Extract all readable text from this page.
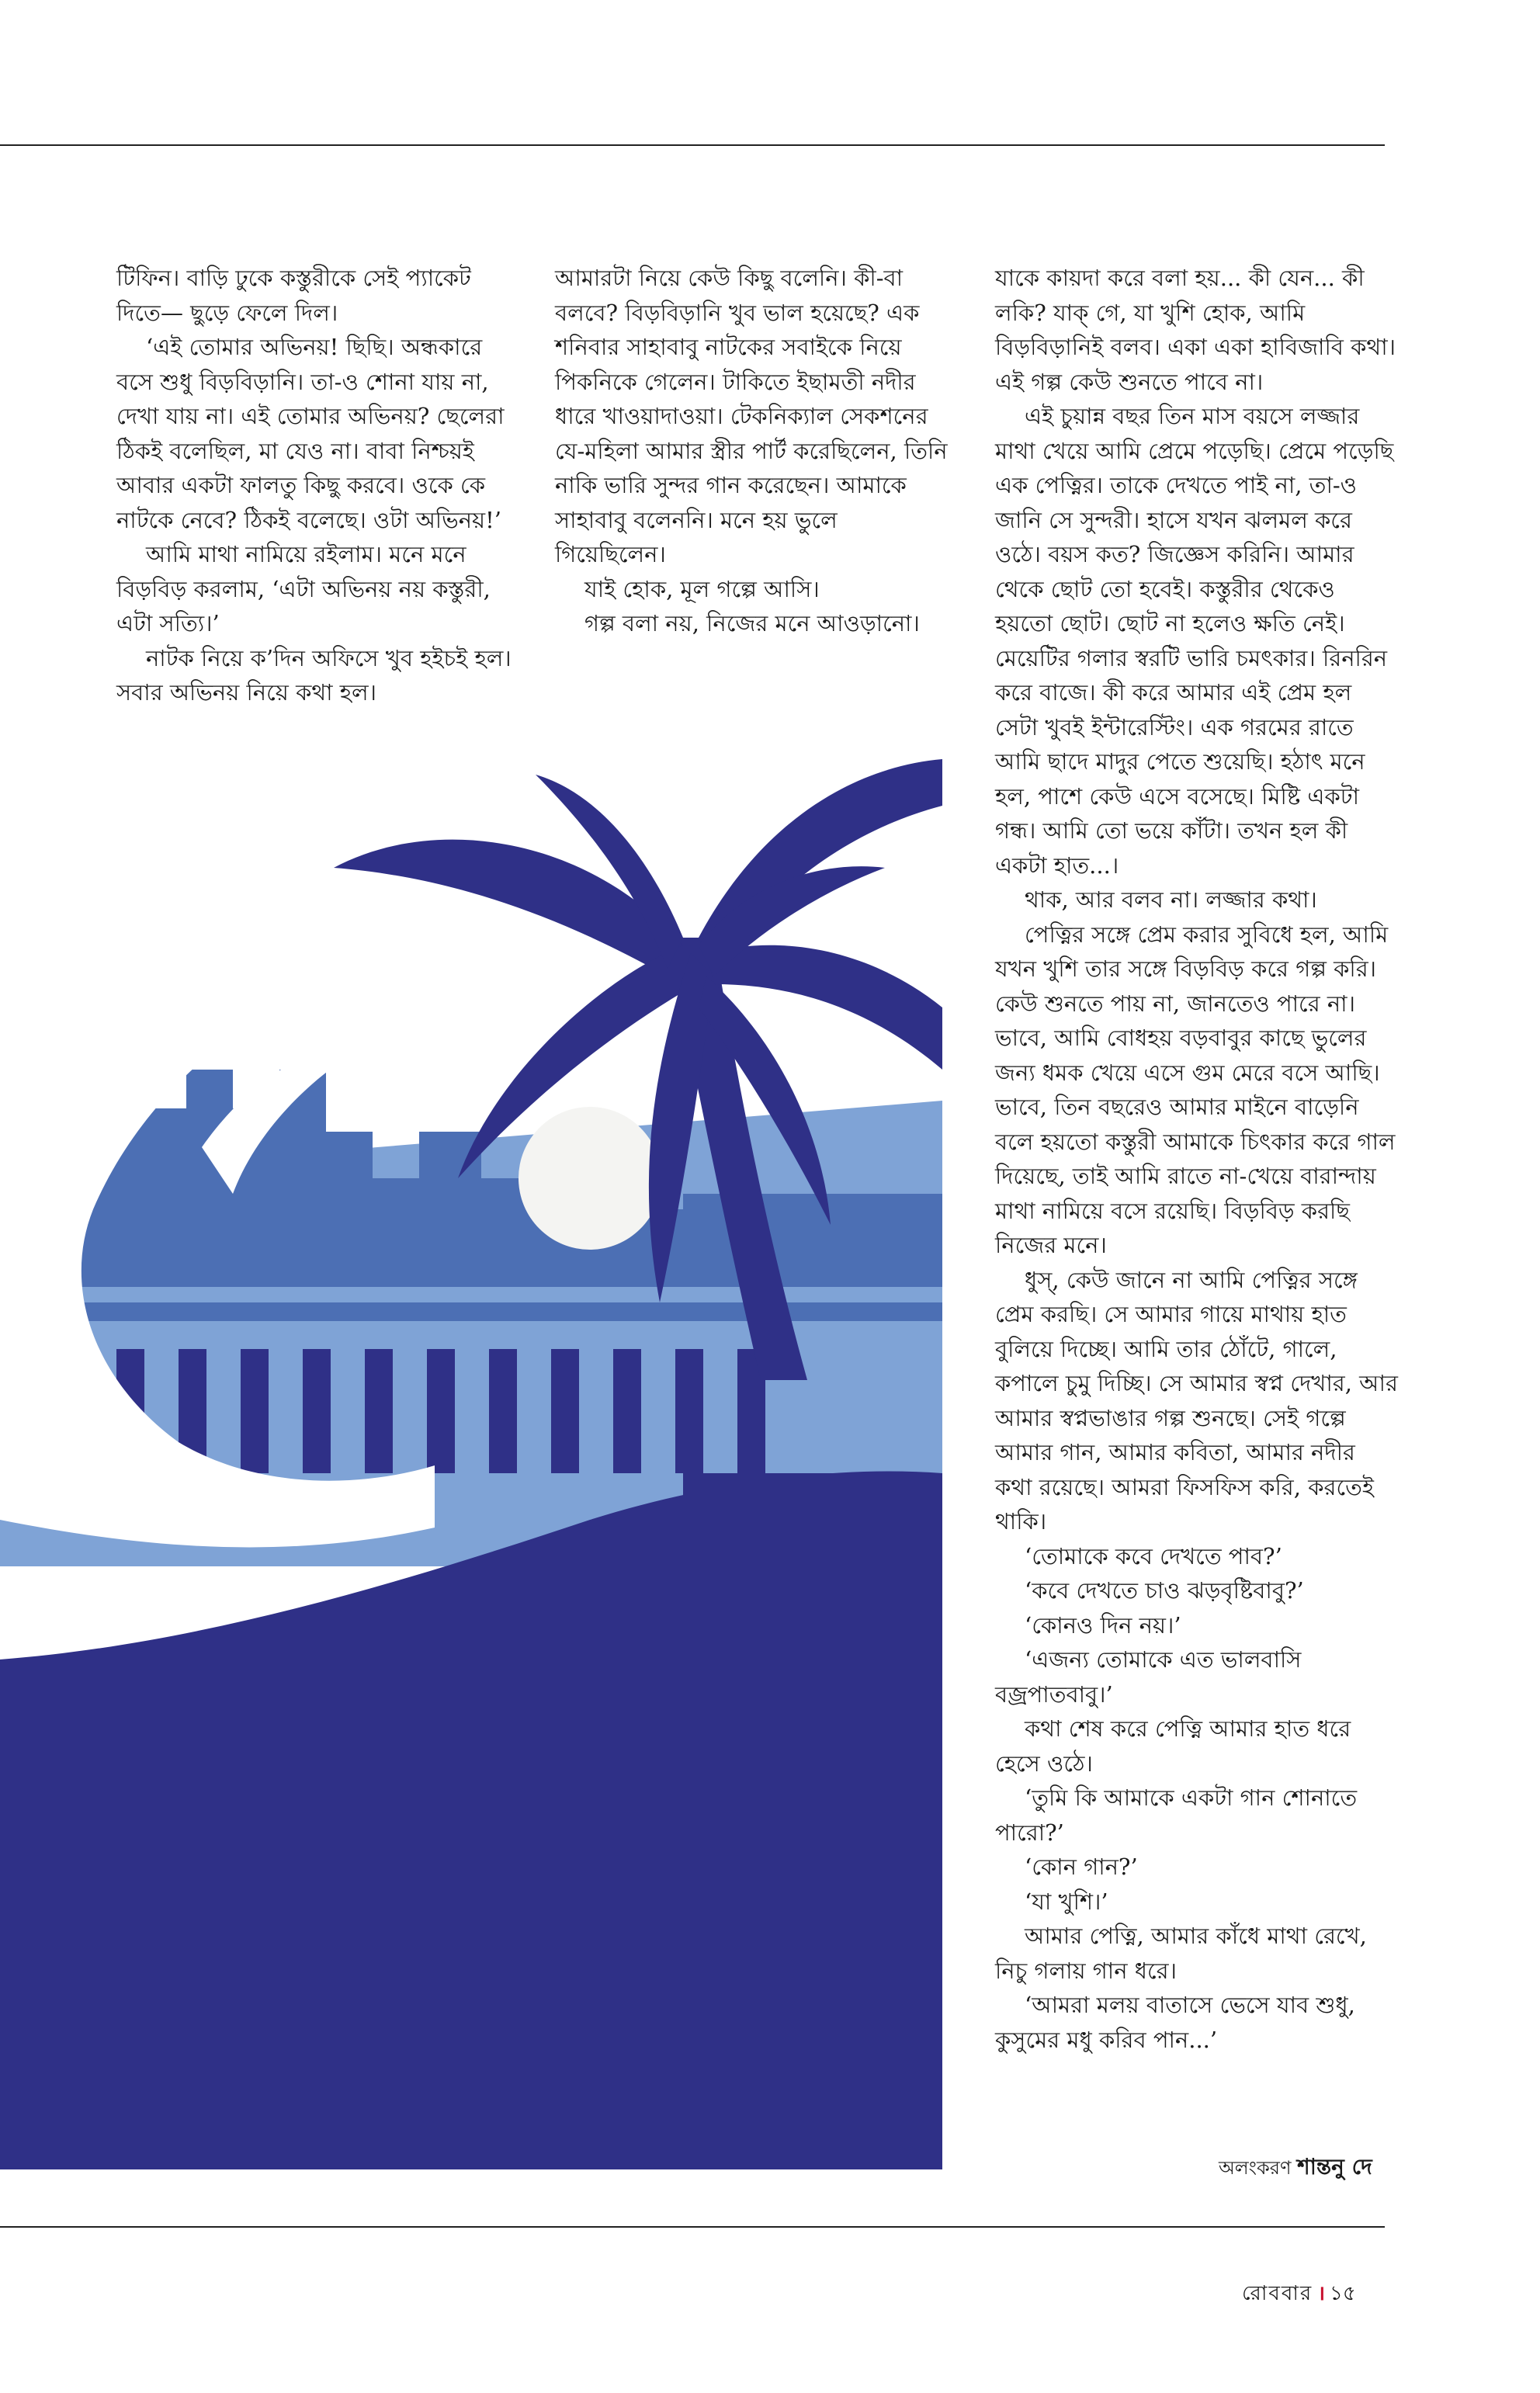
টিফিন। বাড়ি ঢুকে কস্তুরীকে সেই প্যাকেট দিতে— ছুড়ে ফেলে দিল।

‘এই তোমার অভিনয়! ছিছি। অন্ধকারে বসে শুধু বিড়বিড়ানি। তা-ও শোনা যায় না, দেখা যায় না। এই তোমার অভিনয়? ছেলেরা ঠিকই বলেছিল, মা যেও না। বাবা নিশ্চয়ই আবার একটা ফালতু কিছু করবে। ওকে কে নাটকে নেবে? ঠিকই বলেছে। ওটা অভিনয়!’

আমি মাথা নামিয়ে রইলাম। মনে মনে বিড়বিড় করলাম, ‘এটা অভিনয় নয় কস্তুরী, এটা সত্যি।’

নাটক নিয়ে ক’দিন অফিসে খুব হইচই হল। সবার অভিনয় নিয়ে কথা হল।

আমারটা নিয়ে কেউ কিছু বলেনি। কী-বা বলবে? বিড়বিড়ানি খুব ভাল হয়েছে? এক শনিবার সাহাবাবু নাটকের সবাইকে নিয়ে পিকনিকে গেলেন। টাকিতে ইছামতী নদীর ধারে খাওয়াদাওয়া। টেকনিক্যাল সেকশনের যে-মহিলা আমার স্ত্রীর পার্ট করেছিলেন, তিনি নাকি ভারি সুন্দর গান করেছেন। আমাকে সাহাবাবু বলেননি। মনে হয় ভুলে গিয়েছিলেন।

যাই হোক, মূল গল্পে আসি।

গল্প বলা নয়, নিজের মনে আওড়ানো।

যাকে কায়দা করে বলা হয়... কী যেন... কী লকি? যাক্ গে, যা খুশি হোক, আমি বিড়বিড়ানিই বলব। একা একা হাবিজাবি কথা। এই গল্প কেউ শুনতে পাবে না।

এই চুয়ান্ন বছর তিন মাস বয়সে লজ্জার মাথা খেয়ে আমি প্রেমে পড়েছি। প্রেমে পড়েছি এক পেত্নির। তাকে দেখতে পাই না, তা-ও জানি সে সুন্দরী। হাসে যখন ঝলমল করে ওঠে। বয়স কত? জিজ্ঞেস করিনি। আমার থেকে ছোট তো হবেই। কস্তুরীর থেকেও হয়তো ছোট। ছোট না হলেও ক্ষতি নেই। মেয়েটির গলার স্বরটি ভারি চমৎকার। রিনরিন করে বাজে। কী করে আমার এই প্রেম হল সেটা খুবই ইন্টারেস্টিং। এক গরমের রাতে আমি ছাদে মাদুর পেতে শুয়েছি। হঠাৎ মনে হল, পাশে কেউ এসে বসেছে। মিষ্টি একটা গন্ধ। আমি তো ভয়ে কাঁটা। তখন হল কী একটা হাত...।

থাক, আর বলব না। লজ্জার কথা।

পেত্নির সঙ্গে প্রেম করার সুবিধে হল, আমি যখন খুশি তার সঙ্গে বিড়বিড় করে গল্প করি। কেউ শুনতে পায় না, জানতেও পারে না। ভাবে, আমি বোধহয় বড়বাবুর কাছে ভুলের জন্য ধমক খেয়ে এসে গুম মেরে বসে আছি। ভাবে, তিন বছরেও আমার মাইনে বাড়েনি বলে হয়তো কস্তুরী আমাকে চিৎকার করে গাল দিয়েছে, তাই আমি রাতে না-খেয়ে বারান্দায় মাথা নামিয়ে বসে রয়েছি। বিড়বিড় করছি নিজের মনে।

ধুস্, কেউ জানে না আমি পেত্নির সঙ্গে প্রেম করছি। সে আমার গায়ে মাথায় হাত বুলিয়ে দিচ্ছে। আমি তার ঠোঁটে, গালে, কপালে চুমু দিচ্ছি। সে আমার স্বপ্ন দেখার, আর আমার স্বপ্নভাঙার গল্প শুনছে। সেই গল্পে আমার গান, আমার কবিতা, আমার নদীর কথা রয়েছে। আমরা ফিসফিস করি, করতেই থাকি।

‘তোমাকে কবে দেখতে পাব?’

‘কবে দেখতে চাও ঝড়বৃষ্টিবাবু?’

‘কোনও দিন নয়।’

‘এজন্য তোমাকে এত ভালবাসি বজ্রপাতবাবু।’

কথা শেষ করে পেত্নি আমার হাত ধরে হেসে ওঠে।

‘তুমি কি আমাকে একটা গান শোনাতে পারো?’

‘কোন গান?’

‘যা খুশি।’

আমার পেত্নি, আমার কাঁধে মাথা রেখে, নিচু গলায় গান ধরে।

‘আমরা মলয় বাতাসে ভেসে যাব শুধু, কুসুমের মধু করিব পান...’

অলংকরণ শান্তনু দে
রোববার । ১৫
